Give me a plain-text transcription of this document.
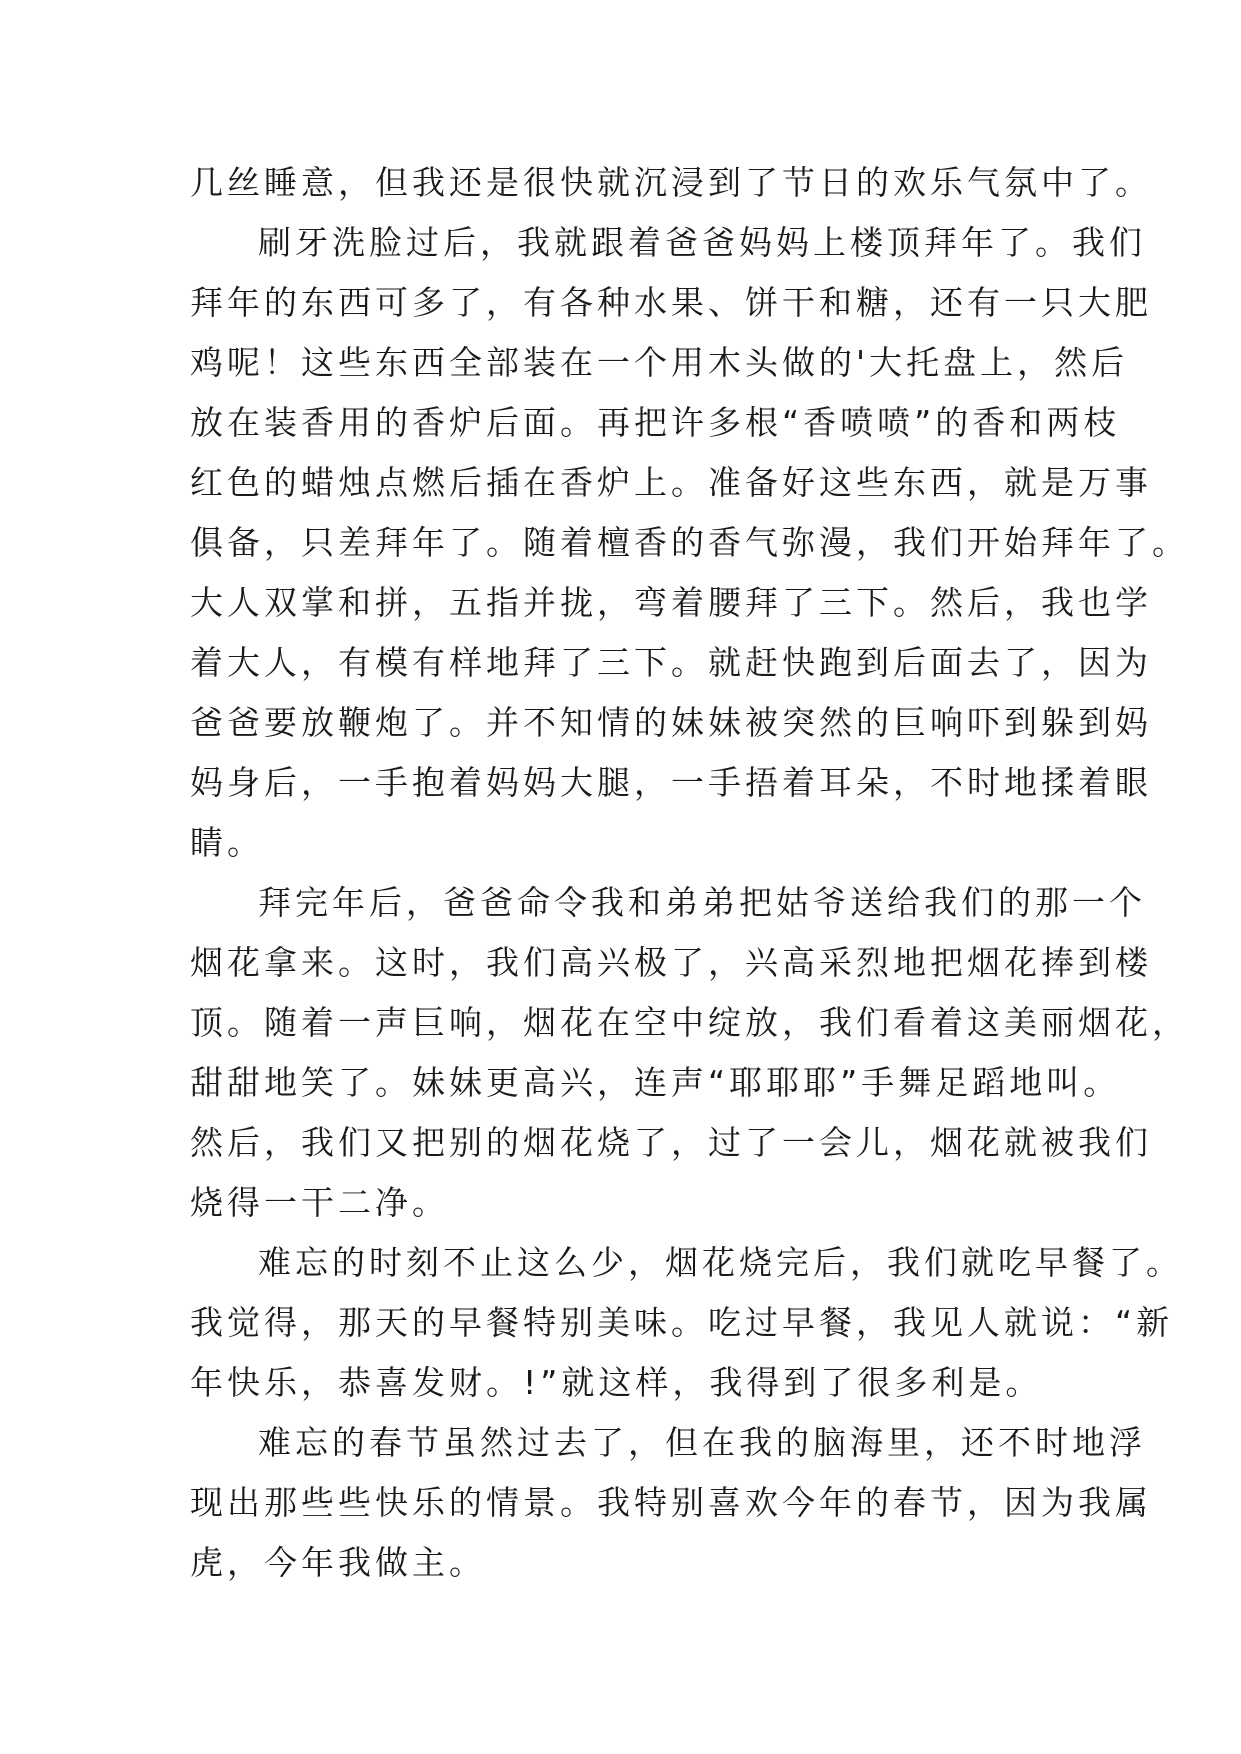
几丝睡意，但我还是很快就沉浸到了节日的欢乐气氛中了。

刷牙洗脸过后，我就跟着爸爸妈妈上楼顶拜年了。我们
拜年的东西可多了，有各种水果、饼干和糖，还有一只大肥
鸡呢！这些东西全部装在一个用木头做的'大托盘上，然后
放在装香用的香炉后面。再把许多根“香喷喷”的香和两枝
红色的蜡烛点燃后插在香炉上。准备好这些东西，就是万事
俱备，只差拜年了。随着檀香的香气弥漫，我们开始拜年了。
大人双掌和拼，五指并拢，弯着腰拜了三下。然后，我也学
着大人，有模有样地拜了三下。就赶快跑到后面去了，因为
爸爸要放鞭炮了。并不知情的妹妹被突然的巨响吓到躲到妈
妈身后，一手抱着妈妈大腿，一手捂着耳朵，不时地揉着眼
睛。

拜完年后，爸爸命令我和弟弟把姑爷送给我们的那一个
烟花拿来。这时，我们高兴极了，兴高采烈地把烟花捧到楼
顶。随着一声巨响，烟花在空中绽放，我们看着这美丽烟花，
甜甜地笑了。妹妹更高兴，连声“耶耶耶”手舞足蹈地叫。
然后，我们又把别的烟花烧了，过了一会儿，烟花就被我们
烧得一干二净。

难忘的时刻不止这么少，烟花烧完后，我们就吃早餐了。
我觉得，那天的早餐特别美味。吃过早餐，我见人就说：“新
年快乐，恭喜发财。!”就这样，我得到了很多利是。

难忘的春节虽然过去了，但在我的脑海里，还不时地浮
现出那些些快乐的情景。我特别喜欢今年的春节，因为我属
虎，今年我做主。
